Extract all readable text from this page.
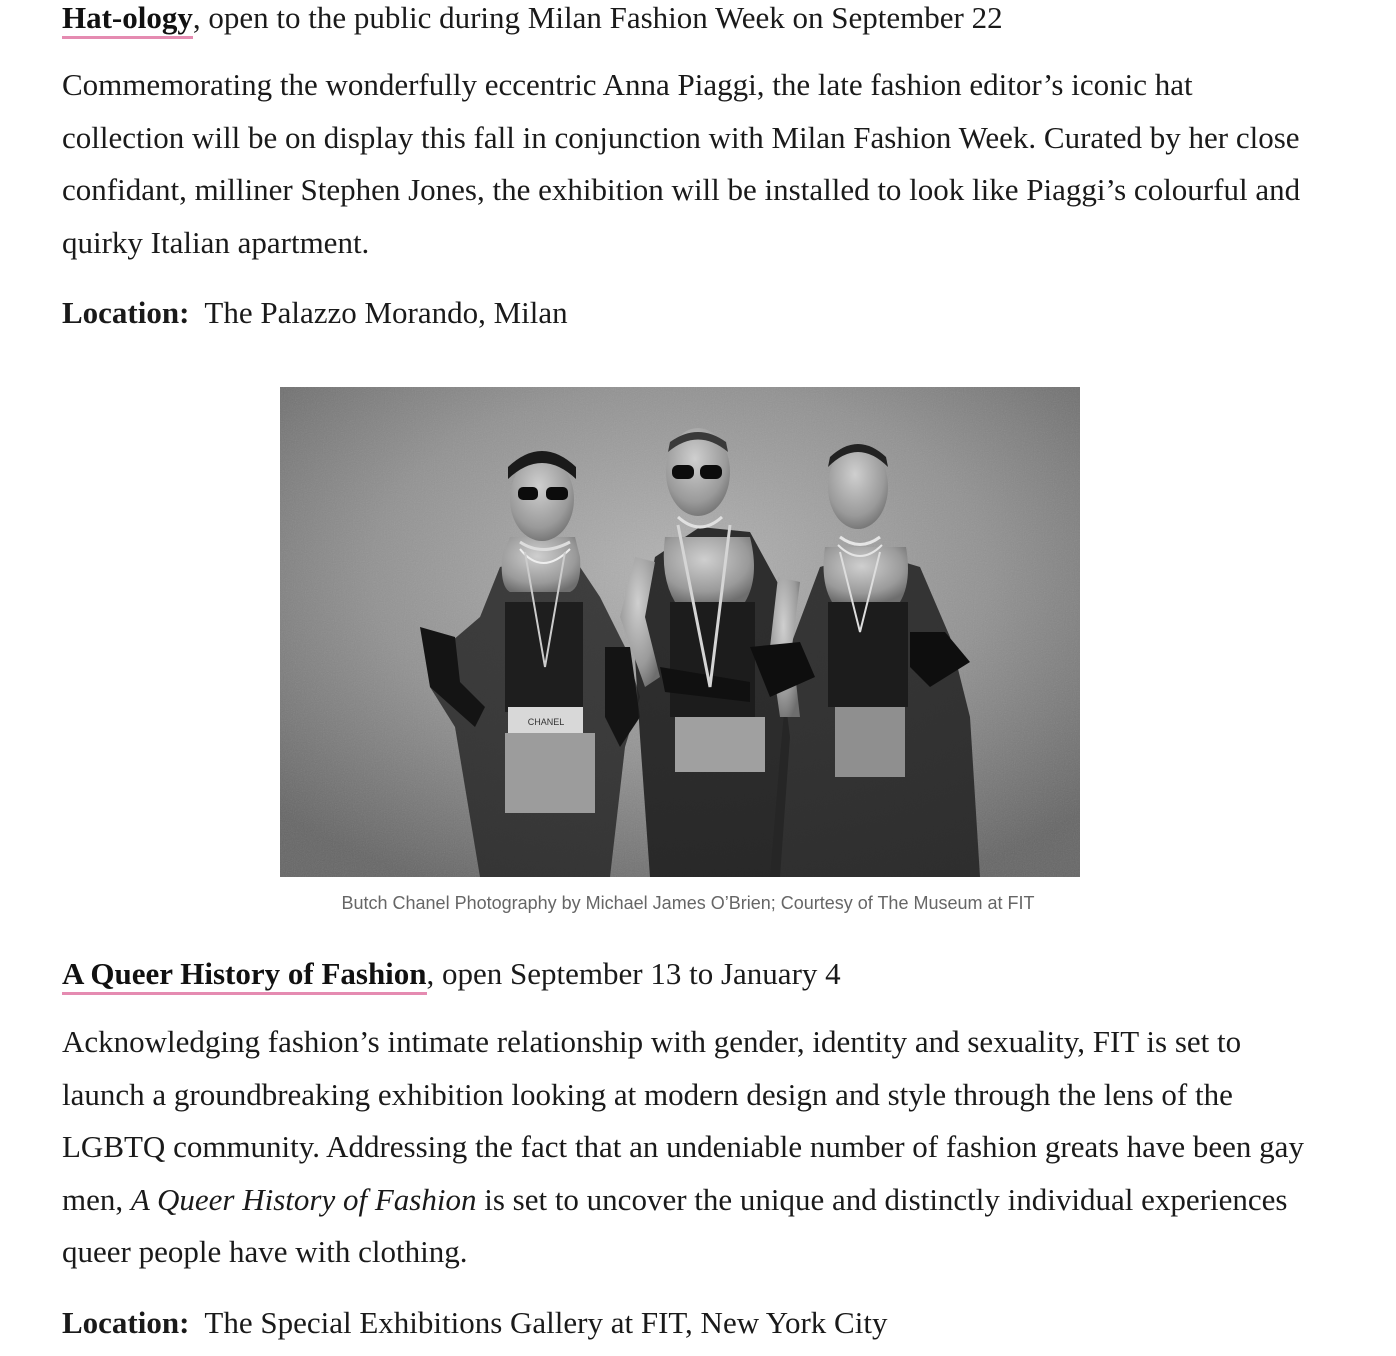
Hat-ology, open to the public during Milan Fashion Week on September 22

Commemorating the wonderfully eccentric Anna Piaggi, the late fashion editor’s iconic hat collection will be on display this fall in conjunction with Milan Fashion Week. Curated by her close confidant, milliner Stephen Jones, the exhibition will be installed to look like Piaggi’s colourful and quirky Italian apartment.

Location: The Palazzo Morando, Milan

A Queer History of Fashion, open September 13 to January 4

Acknowledging fashion’s intimate relationship with gender, identity and sexuality, FIT is set to launch a groundbreaking exhibition looking at modern design and style through the lens of the LGBTQ community. Addressing the fact that an undeniable number of fashion greats have been gay men, A Queer History of Fashion is set to uncover the unique and distinctly individual experiences queer people have with clothing.

Location: The Special Exhibitions Gallery at FIT, New York City

CHANEL
Butch Chanel Photography by Michael James O’Brien; Courtesy of The Museum at FIT
